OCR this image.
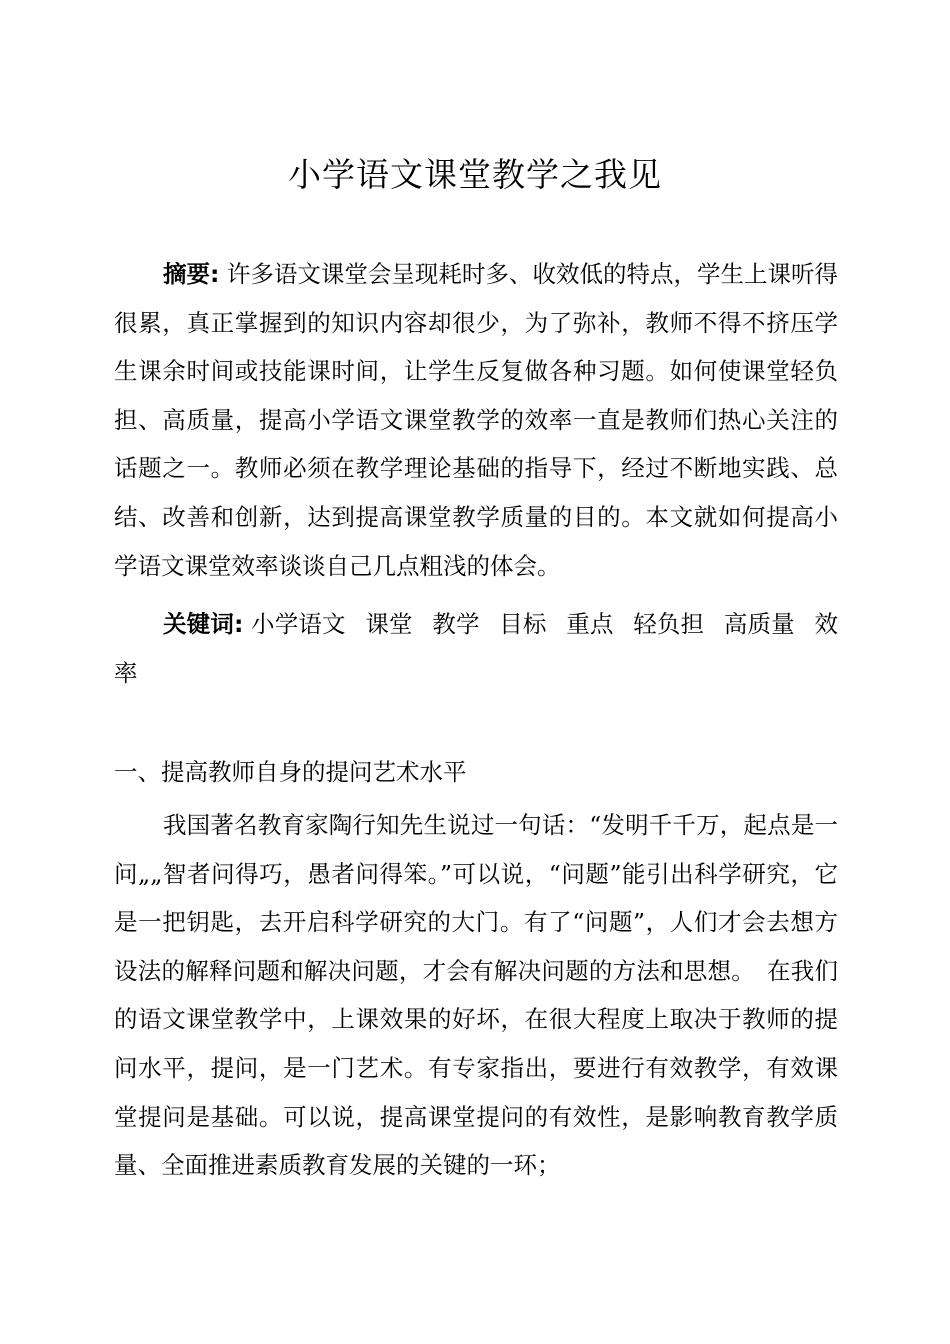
小学语文课堂教学之我见
摘要: 许多语文课堂会呈现耗时多、收效低的特点，学生上课听得很累，真正掌握到的知识内容却很少，为了弥补，教师不得不挤压学生课余时间或技能课时间，让学生反复做各种习题。如何使课堂轻负担、高质量，提高小学语文课堂教学的效率一直是教师们热心关注的话题之一。教师必须在教学理论基础的指导下，经过不断地实践、总结、改善和创新，达到提高课堂教学质量的目的。本文就如何提高小学语文课堂效率谈谈自己几点粗浅的体会。
关键词: 小学语文 课堂 教学 目标 重点 轻负担 高质量 效率
一、提高教师自身的提问艺术水平
我国著名教育家陶行知先生说过一句话：“发明千千万，起点是一问„„智者问得巧，愚者问得笨。”可以说，“问题”能引出科学研究，它是一把钥匙，去开启科学研究的大门。有了“问题”，人们才会去想方设法的解释问题和解决问题，才会有解决问题的方法和思想。　在我们的语文课堂教学中，上课效果的好坏，在很大程度上取决于教师的提问水平，提问，是一门艺术。有专家指出，要进行有效教学，有效课堂提问是基础。可以说，提高课堂提问的有效性，是影响教育教学质量、全面推进素质教育发展的关键的一环；
